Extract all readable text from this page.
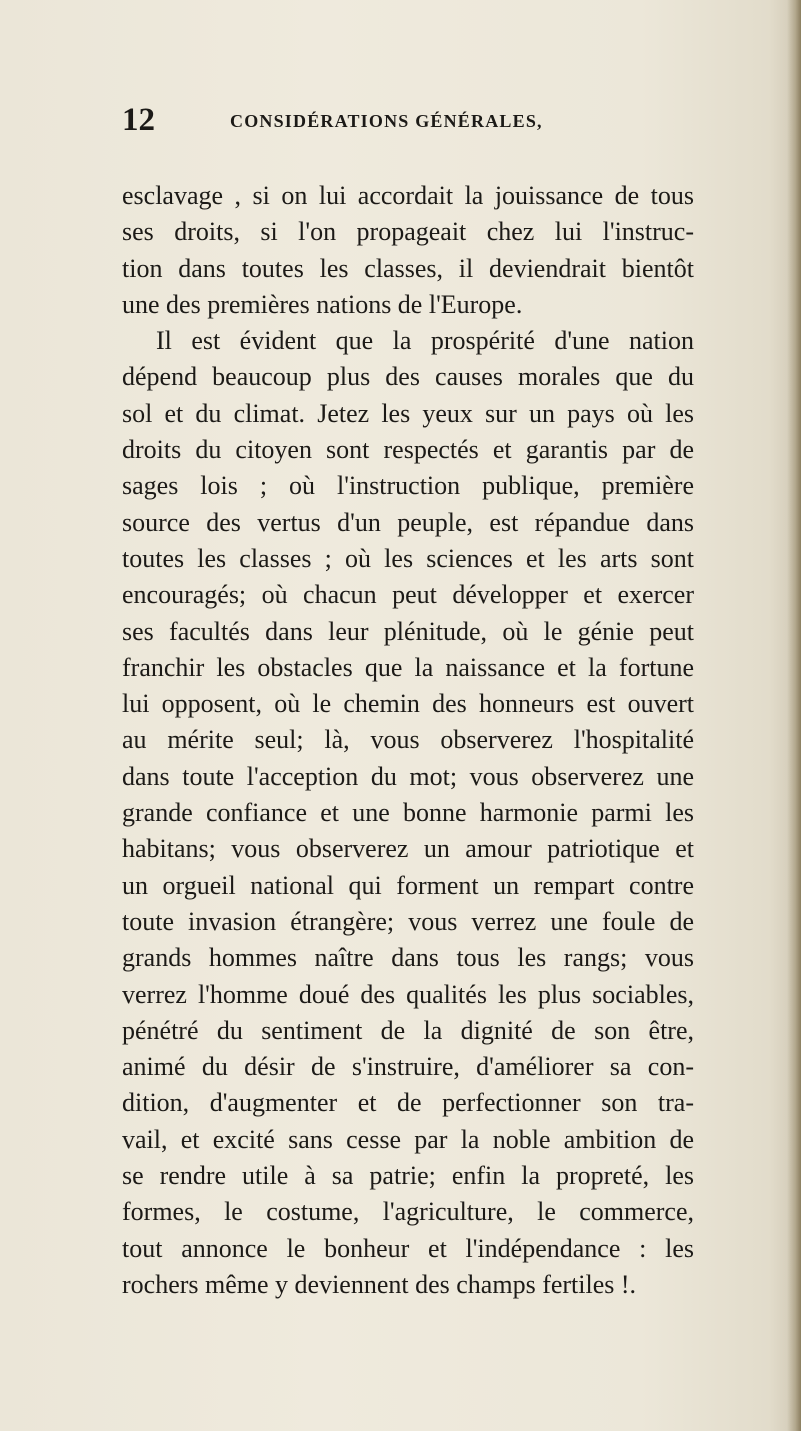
12	CONSIDÉRATIONS GÉNÉRALES,
esclavage , si on lui accordait la jouissance de tous
ses droits, si l'on propageait chez lui l'instruc-
tion dans toutes les classes, il deviendrait bientôt
une des premières nations de l'Europe.
Il est évident que la prospérité d'une nation
dépend beaucoup plus des causes morales que du
sol et du climat. Jetez les yeux sur un pays où les
droits du citoyen sont respectés et garantis par de
sages lois ; où l'instruction publique, première
source des vertus d'un peuple, est répandue dans
toutes les classes ; où les sciences et les arts sont
encouragés; où chacun peut développer et exercer
ses facultés dans leur plénitude, où le génie peut
franchir les obstacles que la naissance et la fortune
lui opposent, où le chemin des honneurs est ouvert
au mérite seul; là, vous observerez l'hospitalité
dans toute l'acception du mot; vous observerez une
grande confiance et une bonne harmonie parmi les
habitans; vous observerez un amour patriotique et
un orgueil national qui forment un rempart contre
toute invasion étrangère; vous verrez une foule de
grands hommes naître dans tous les rangs; vous
verrez l'homme doué des qualités les plus sociables,
pénétré du sentiment de la dignité de son être,
animé du désir de s'instruire, d'améliorer sa con-
dition, d'augmenter et de perfectionner son tra-
vail, et excité sans cesse par la noble ambition de
se rendre utile à sa patrie; enfin la propreté, les
formes, le costume, l'agriculture, le commerce,
tout annonce le bonheur et l'indépendance : les
rochers même y deviennent des champs fertiles !.
